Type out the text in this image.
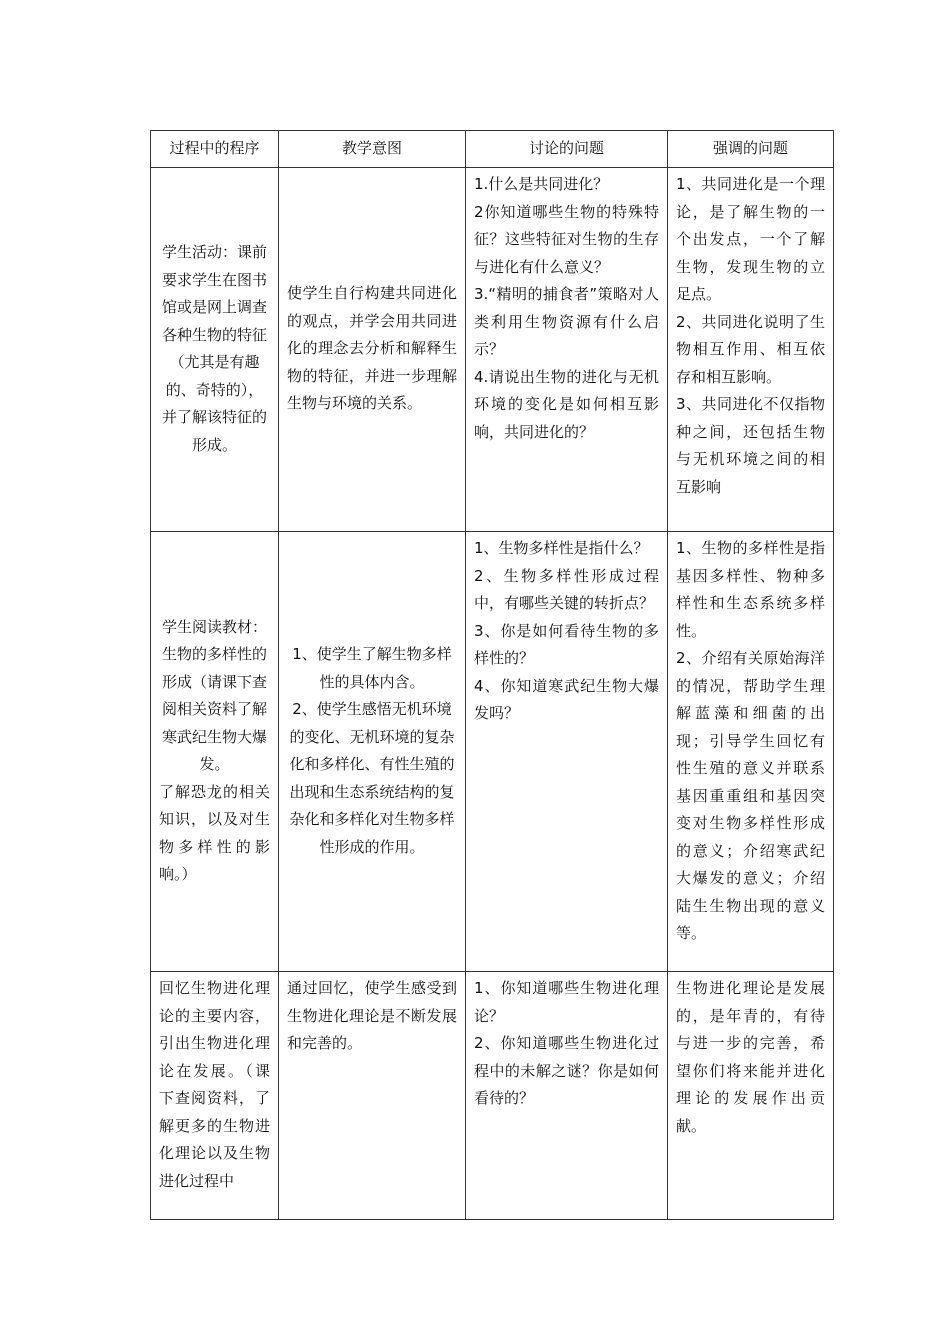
过程中的程序	教学意图	讨论的问题	强调的问题

学生活动：课前要求学生在图书馆或是网上调查各种生物的特征（尤其是有趣的、奇特的），并了解该特征的形成。	使学生自行构建共同进化的观点，并学会用共同进化的理念去分析和解释生物的特征，并进一步理解生物与环境的关系。	1.什么是共同进化？
2你知道哪些生物的特殊特征？这些特征对生物的生存与进化有什么意义？
3.“精明的捕食者”策略对人类利用生物资源有什么启示？
4.请说出生物的进化与无机环境的变化是如何相互影响，共同进化的？	1、共同进化是一个理论，是了解生物的一个出发点，一个了解生物，发现生物的立足点。
2、共同进化说明了生物相互作用、相互依存和相互影响。
3、共同进化不仅指物种之间，还包括生物与无机环境之间的相互影响

学生阅读教材：生物的多样性的形成（请课下查阅相关资料了解寒武纪生物大爆发。
了解恐龙的相关知识，以及对生物多样性的影响。）	1、使学生了解生物多样性的具体内含。
2、使学生感悟无机环境的变化、无机环境的复杂化和多样化、有性生殖的出现和生态系统结构的复杂化和多样化对生物多样性形成的作用。	1、生物多样性是指什么？
2、生物多样性形成过程中，有哪些关键的转折点？
3、你是如何看待生物的多样性的？
4、你知道寒武纪生物大爆发吗？	1、生物的多样性是指基因多样性、物种多样性和生态系统多样性。
2、介绍有关原始海洋的情况，帮助学生理解蓝藻和细菌的出现；引导学生回忆有性生殖的意义并联系基因重重组和基因突变对生物多样性形成的意义；介绍寒武纪大爆发的意义；介绍陆生生物出现的意义等。

回忆生物进化理论的主要内容，引出生物进化理论在发展。（课下查阅资料，了解更多的生物进化理论以及生物进化过程中	通过回忆，使学生感受到生物进化理论是不断发展和完善的。	1、你知道哪些生物进化理论？
2、你知道哪些生物进化过程中的未解之谜？你是如何看待的？	生物进化理论是发展的，是年青的，有待与进一步的完善，希望你们将来能并进化理论的发展作出贡献。
